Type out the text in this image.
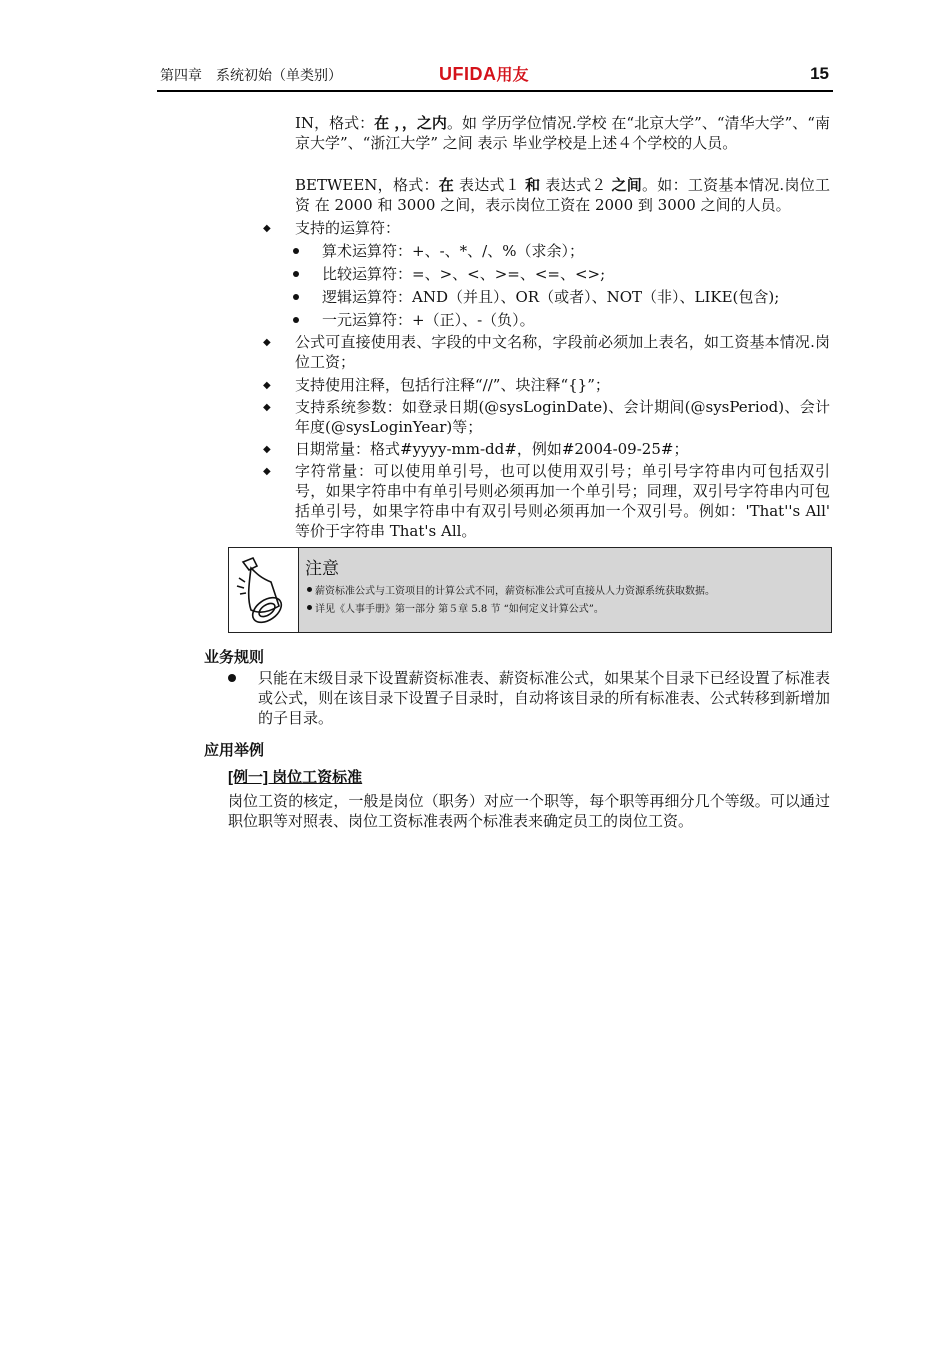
第四章　系统初始（单类别）	UFIDA用友	15

IN，格式：在 ，，之内。如 学历学位情况.学校 在“北京大学”、“清华大学”、“南京大学”、“浙江大学” 之间 表示 毕业学校是上述４个学校的人员。

BETWEEN，格式：在 表达式１ 和 表达式２ 之间。如：工资基本情况.岗位工资 在 2000 和 3000 之间，表示岗位工资在 2000 到 3000 之间的人员。

◆ 支持的运算符：

算术运算符：+、-、*、/、%（求余）；

比较运算符：=、>、<、>=、<=、<>;

逻辑运算符：AND（并且）、OR（或者）、NOT（非）、LIKE(包含);

一元运算符：+（正）、-（负）。

◆ 公式可直接使用表、字段的中文名称，字段前必须加上表名，如工资基本情况.岗位工资；

◆ 支持使用注释，包括行注释“//”、块注释“{}”；

◆ 支持系统参数：如登录日期(@sysLoginDate)、会计期间(@sysPeriod)、会计年度(@sysLoginYear)等；

◆ 日期常量：格式#yyyy-mm-dd#，例如#2004-09-25#；

◆ 字符常量：可以使用单引号，也可以使用双引号；单引号字符串内可包括双引号，如果字符串中有单引号则必须再加一个单引号；同理，双引号字符串内可包括单引号，如果字符串中有双引号则必须再加一个双引号。例如：'That''s All' 等价于字符串 That's All。

注意
薪资标准公式与工资项目的计算公式不同，薪资标准公式可直接从人力资源系统获取数据。
详见《人事手册》第一部分 第５章 5.8 节 “如何定义计算公式”。
业务规则

只能在末级目录下设置薪资标准表、薪资标准公式，如果某个目录下已经设置了标准表或公式，则在该目录下设置子目录时，自动将该目录的所有标准表、公式转移到新增加的子目录。

应用举例
[例一] 岗位工资标准

岗位工资的核定，一般是岗位（职务）对应一个职等，每个职等再细分几个等级。可以通过职位职等对照表、岗位工资标准表两个标准表来确定员工的岗位工资。
